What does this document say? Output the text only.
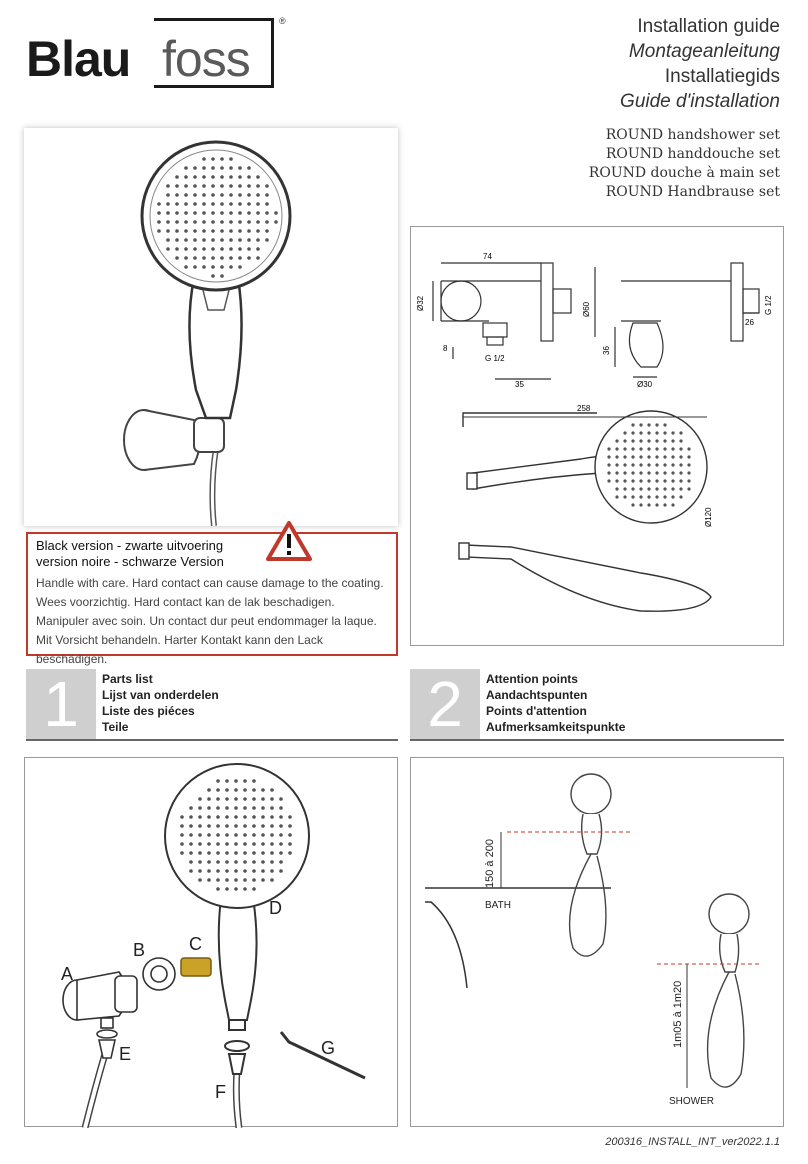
Blau foss
®	Installation guide
Montageanleitung
Installatiegids
Guide d'installation
ROUND handshower set
ROUND handdouche set
ROUND douche à main set
ROUND Handbrause set
Black version - zwarte uitvoering
version noire - schwarze Version
Handle with care. Hard contact can cause damage to the coating.
Wees voorzichtig. Hard contact kan de lak beschadigen.
Manipuler avec soin. Un contact dur peut endommager la laque.
Mit Vorsicht behandeln. Harter Kontakt kann den Lack beschädigen.
74
Ø32	Ø60
8
G 1/2
35
G 1/2
26
36
Ø30
258
Ø120
1	Parts list
Lijst van onderdelen
Liste des piéces
Teile	2	Attention points
Aandachtspunten
Points d'attention
Aufmerksamkeitspunkte
A
B C
D
E
F
G
150 à 200
BATH
1m05 à 1m20
SHOWER
200316_INSTALL_INT_ver2022.1.1
